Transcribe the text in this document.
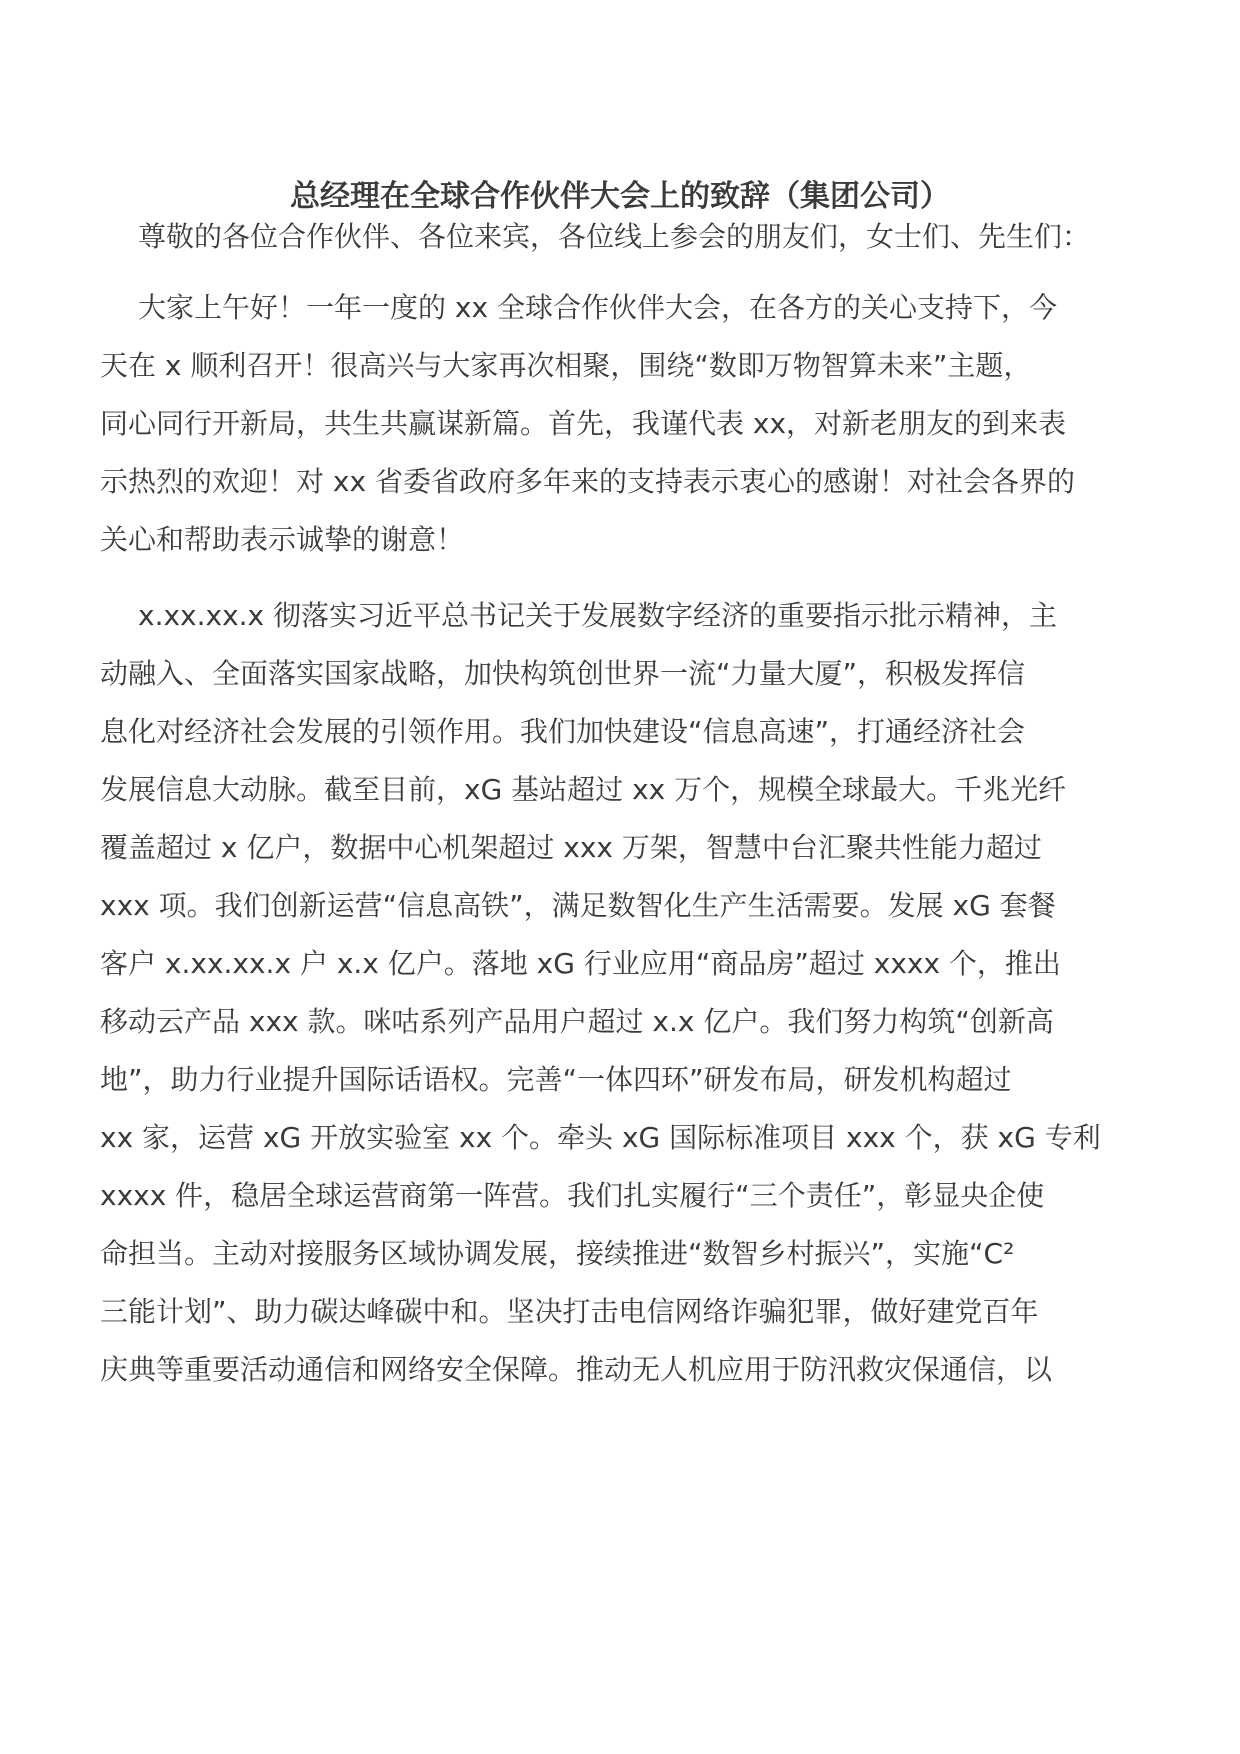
总经理在全球合作伙伴大会上的致辞（集团公司）
尊敬的各位合作伙伴、各位来宾，各位线上参会的朋友们，女士们、先生们：
大家上午好！一年一度的 xx 全球合作伙伴大会，在各方的关心支持下，今
天在 x 顺利召开！很高兴与大家再次相聚，围绕“数即万物智算未来”主题，
同心同行开新局，共生共赢谋新篇。首先，我谨代表 xx，对新老朋友的到来表
示热烈的欢迎！对 xx 省委省政府多年来的支持表示衷心的感谢！对社会各界的
关心和帮助表示诚挚的谢意！
x.xx.xx.x 彻落实习近平总书记关于发展数字经济的重要指示批示精神，主
动融入、全面落实国家战略，加快构筑创世界一流“力量大厦”，积极发挥信
息化对经济社会发展的引领作用。我们加快建设“信息高速”，打通经济社会
发展信息大动脉。截至目前，xG 基站超过 xx 万个，规模全球最大。千兆光纤
覆盖超过 x 亿户，数据中心机架超过 xxx 万架，智慧中台汇聚共性能力超过
xxx 项。我们创新运营“信息高铁”，满足数智化生产生活需要。发展 xG 套餐
客户 x.xx.xx.x 户 x.x 亿户。落地 xG 行业应用“商品房”超过 xxxx 个，推出
移动云产品 xxx 款。咪咕系列产品用户超过 x.x 亿户。我们努力构筑“创新高
地”，助力行业提升国际话语权。完善“一体四环”研发布局，研发机构超过
xx 家，运营 xG 开放实验室 xx 个。牵头 xG 国际标准项目 xxx 个，获 xG 专利
xxxx 件，稳居全球运营商第一阵营。我们扎实履行“三个责任”，彰显央企使
命担当。主动对接服务区域协调发展，接续推进“数智乡村振兴”，实施“C²
三能计划”、助力碳达峰碳中和。坚决打击电信网络诈骗犯罪，做好建党百年
庆典等重要活动通信和网络安全保障。推动无人机应用于防汛救灾保通信，以
